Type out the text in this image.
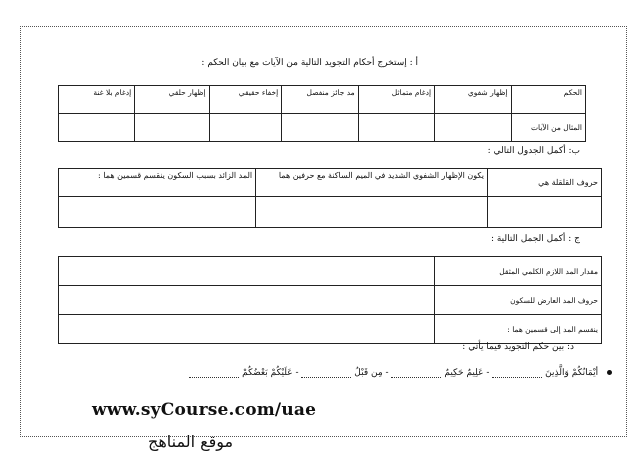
أ : إستخرج أحكام التجويد التالية من الآيات مع بيان الحكم :
إدغام بلا غنة	إظهار حلقي	إخفاء حقيقي	مد جائز منفصل	إدغام متماثل	إظهار شفوي	الحكم
						المثال من الآيات
ب: أكمل الجدول التالي :
المد الزائد بسبب السكون ينقسم قسمين هما :	يكون الإظهار الشفوي الشديد في الميم الساكنة مع حرفين هما	حروف القلقلة هي

ج : أكمل الجمل التالية :
	مقدار المد اللازم الكلمي المثقل
	حروف المد العارض للسكون
	ينقسم المد إلى قسمين هما :
د: بين حكم التجويد فيما يأتي :
أيْمَانُكُمْ وَالَّذِينَ  - عَلِيمٌ حَكِيمٌ  - مِن قَبْلُ  - عَلَيْكُمْ بَعْضُكُمْ
www.syCourse.com/uae
موقع المناهج
